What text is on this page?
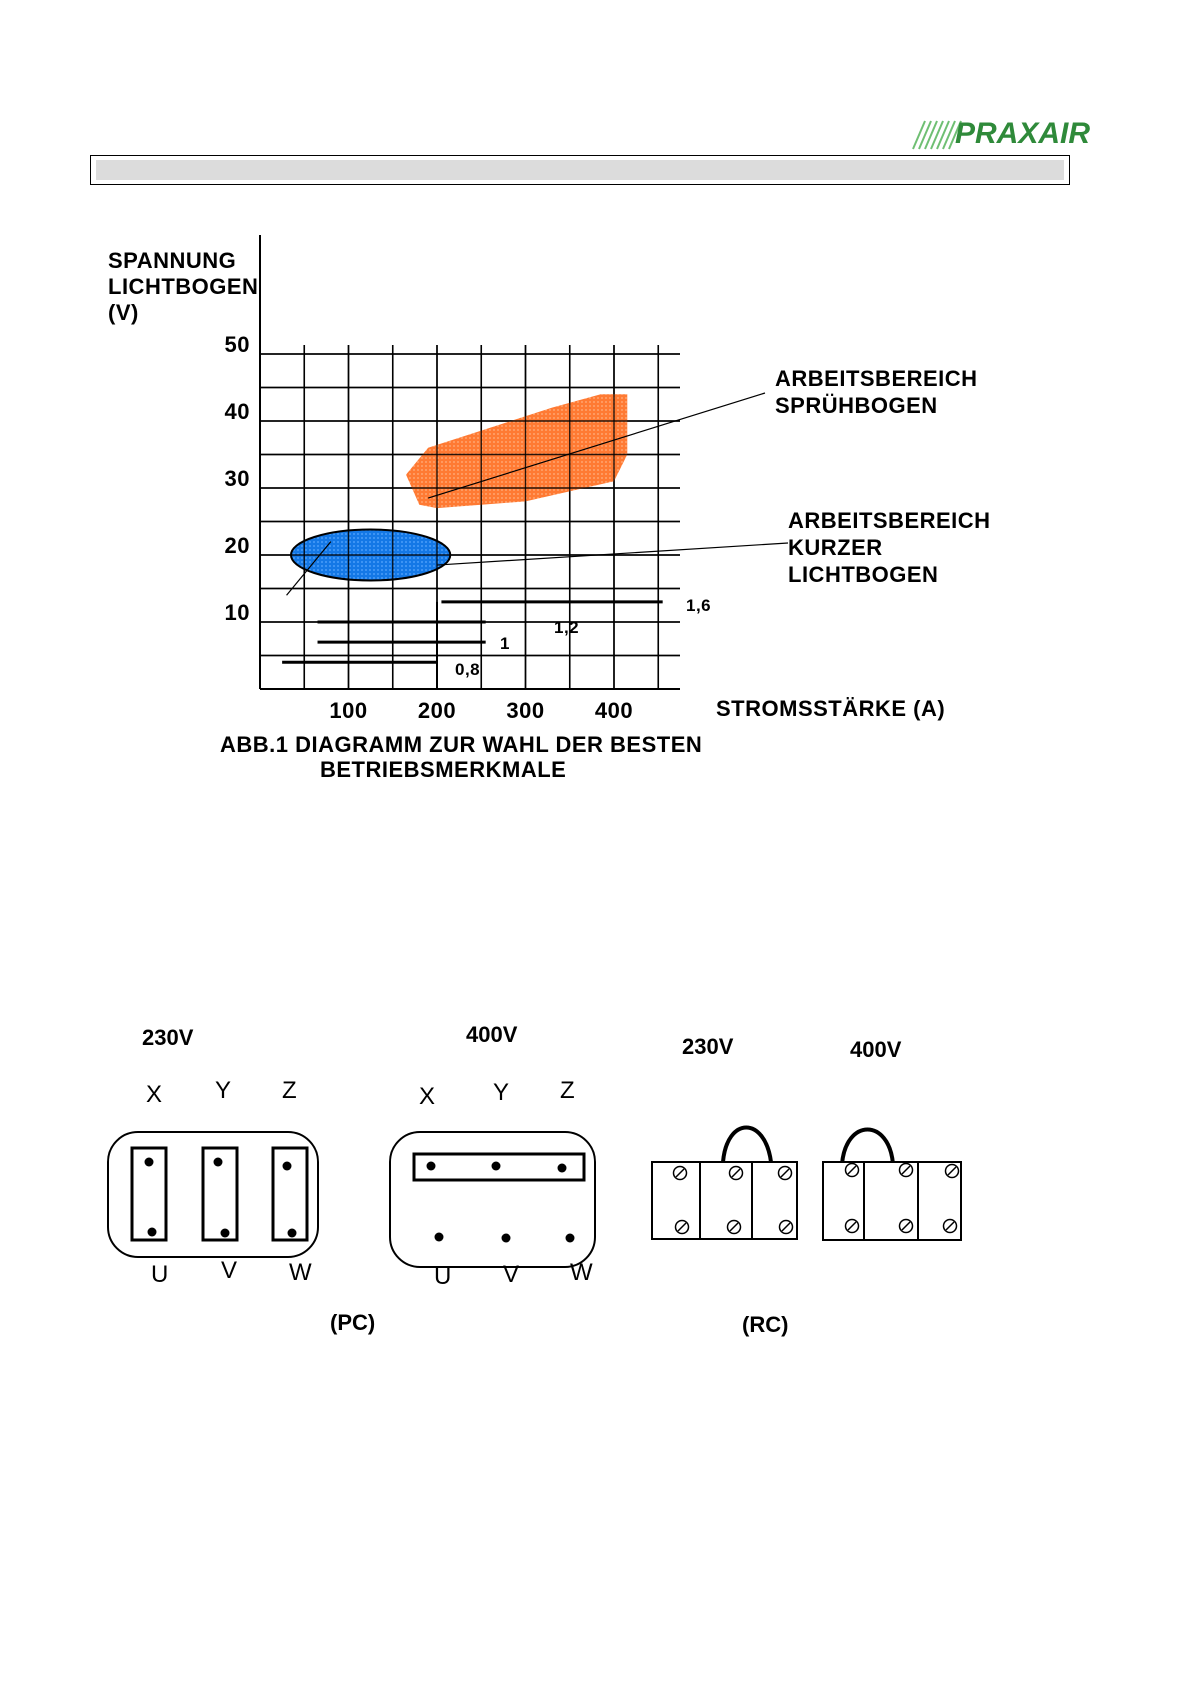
PRAXAIR
1,6
1,2
1
0,8
100 200 300 400
10
20
30
40
50
SPANNUNG
LICHTBOGEN
(V)
STROMSSTÄRKE (A)
ARBEITSBEREICH
SPRÜHBOGEN
ARBEITSBEREICH
KURZER
LICHTBOGEN
ABB.1 DIAGRAMM ZUR WAHL DER BESTEN
BETRIEBSMERKMALE
230V
X Y Z
U V W
400V
X Y Z
U V W
(PC)
230V	400V
(RC)
